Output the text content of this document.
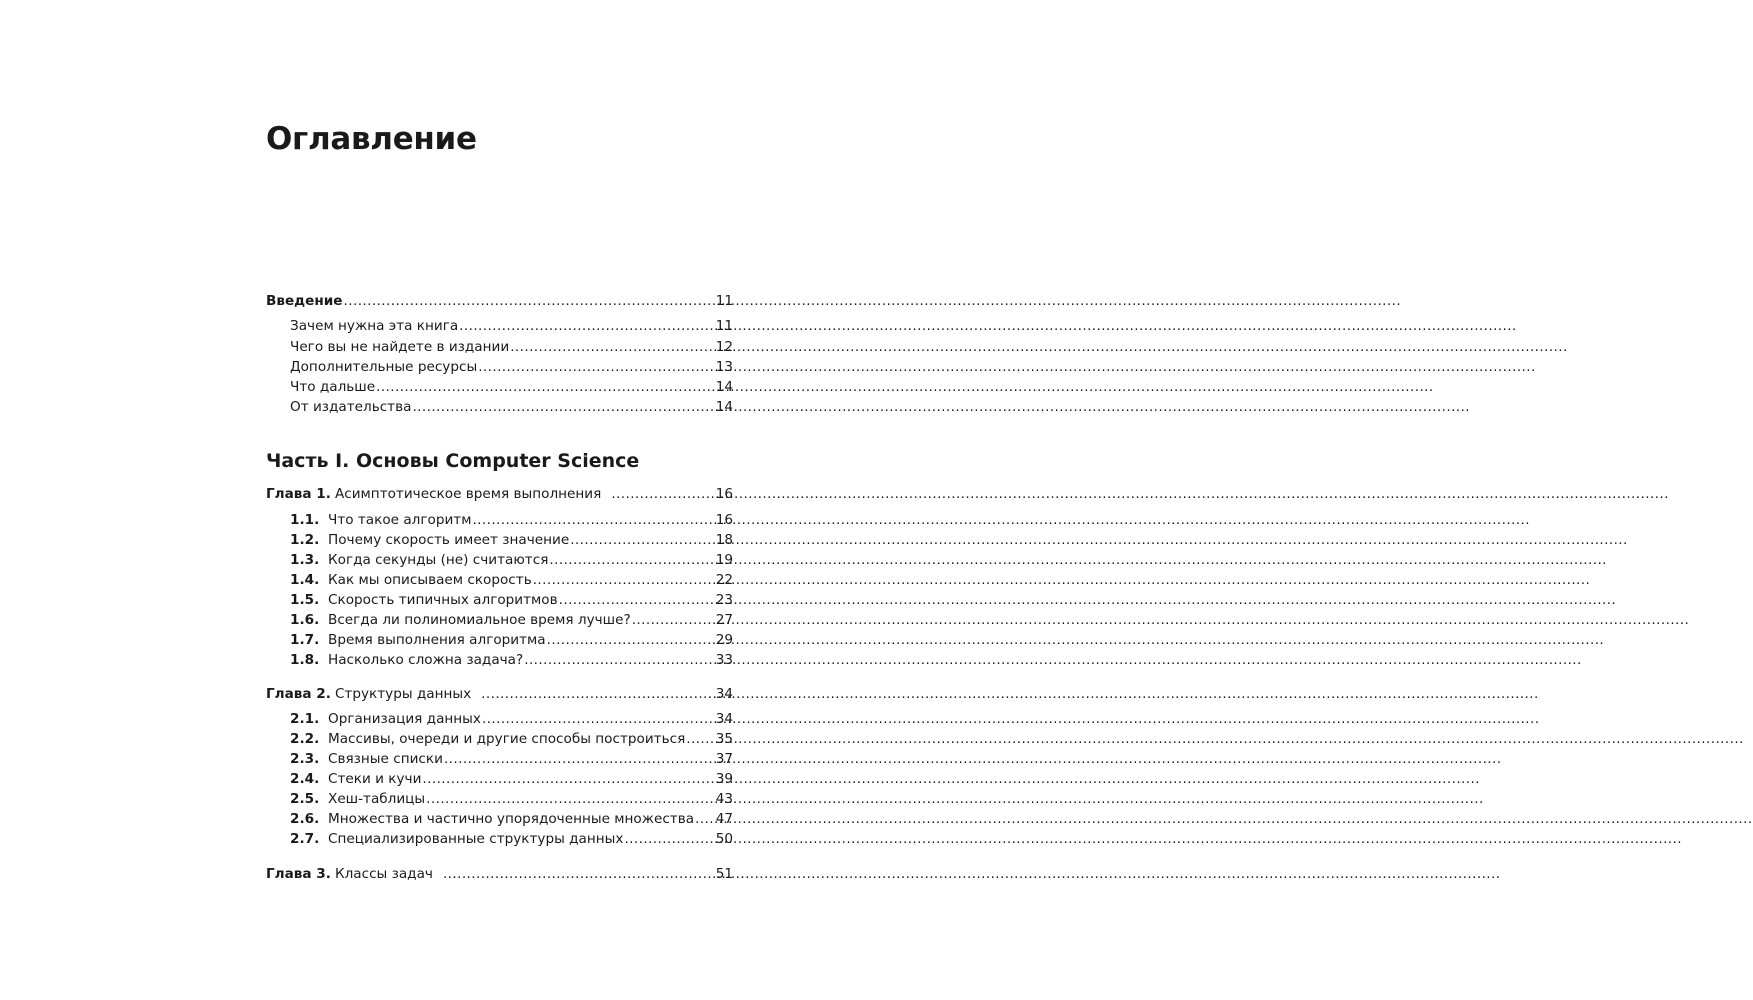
Оглавление
Введение .....	11
Зачем нужна эта книга .....	11
Чего вы не найдете в издании .....	12
Дополнительные ресурсы .....	13
Что дальше .....	14
От издательства .....	14
Часть I. Основы Computer Science
Глава 1. Асимптотическое время выполнения .....	16
1.1. Что такое алгоритм .....	16
1.2. Почему скорость имеет значение .....	18
1.3. Когда секунды (не) считаются .....	19
1.4. Как мы описываем скорость .....	22
1.5. Скорость типичных алгоритмов .....	23
1.6. Всегда ли полиномиальное время лучше? .....	27
1.7. Время выполнения алгоритма .....	29
1.8. Насколько сложна задача? .....	33
Глава 2. Структуры данных .....	34
2.1. Организация данных .....	34
2.2. Массивы, очереди и другие способы построиться ..... 35
2.3. Связные списки .....	37
2.4. Стеки и кучи .....	39
2.5. Хеш-таблицы .....	43
2.6. Множества и частично упорядоченные множества ..... 47
2.7. Специализированные структуры данных .....	50
Глава 3. Классы задач .....	51
